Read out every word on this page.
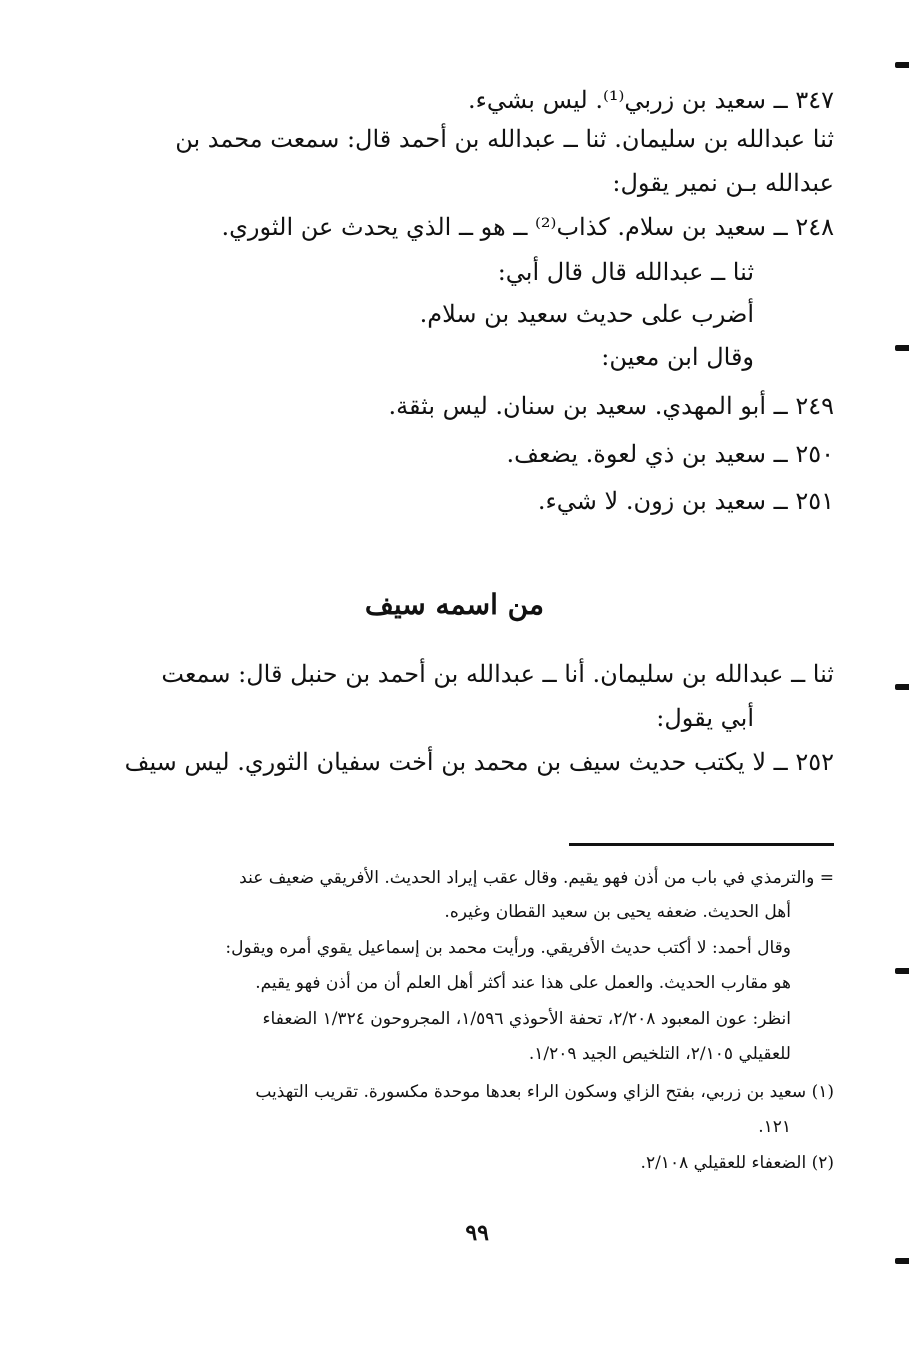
٣٤٧ ــ سعيد بن زربي⁽¹⁾. ليس بشيء.
ثنا عبدالله بن سليمان. ثنا ــ عبدالله بن أحمد قال: سمعت محمد بن
عبدالله بـن نمير يقول:
٢٤٨ ــ سعيد بن سلام. كذاب⁽²⁾ ــ هو ــ الذي يحدث عن الثوري.
ثنا ــ عبدالله قال قال أبي:
أضرب على حديث سعيد بن سلام.
وقال ابن معين:
٢٤٩ ــ أبو المهدي. سعيد بن سنان. ليس بثقة.
٢٥٠ ــ سعيد بن ذي لعوة. يضعف.
٢٥١ ــ سعيد بن زون. لا شيء.
من اسمه سيف
ثنا ــ عبدالله بن سليمان. أنا ــ عبدالله بن أحمد بن حنبل قال: سمعت
أبي يقول:
٢٥٢ ــ لا يكتب حديث سيف بن محمد بن أخت سفيان الثوري. ليس سيف
= والترمذي في باب من أذن فهو يقيم. وقال عقب إيراد الحديث. الأفريقي ضعيف عند
أهل الحديث. ضعفه يحيى بن سعيد القطان وغيره.
وقال أحمد: لا أكتب حديث الأفريقي. ورأيت محمد بن إسماعيل يقوي أمره ويقول:
هو مقارب الحديث. والعمل على هذا عند أكثر أهل العلم أن من أذن فهو يقيم.
انظر: عون المعبود ٢/٢٠٨، تحفة الأحوذي ١/٥٩٦، المجروحون ١/٣٢٤ الضعفاء
للعقيلي ٢/١٠٥، التلخيص الجيد ١/٢٠٩.
(١) سعيد بن زربي، بفتح الزاي وسكون الراء بعدها موحدة مكسورة. تقريب التهذيب
١٢١.
(٢) الضعفاء للعقيلي ٢/١٠٨.
٩٩
